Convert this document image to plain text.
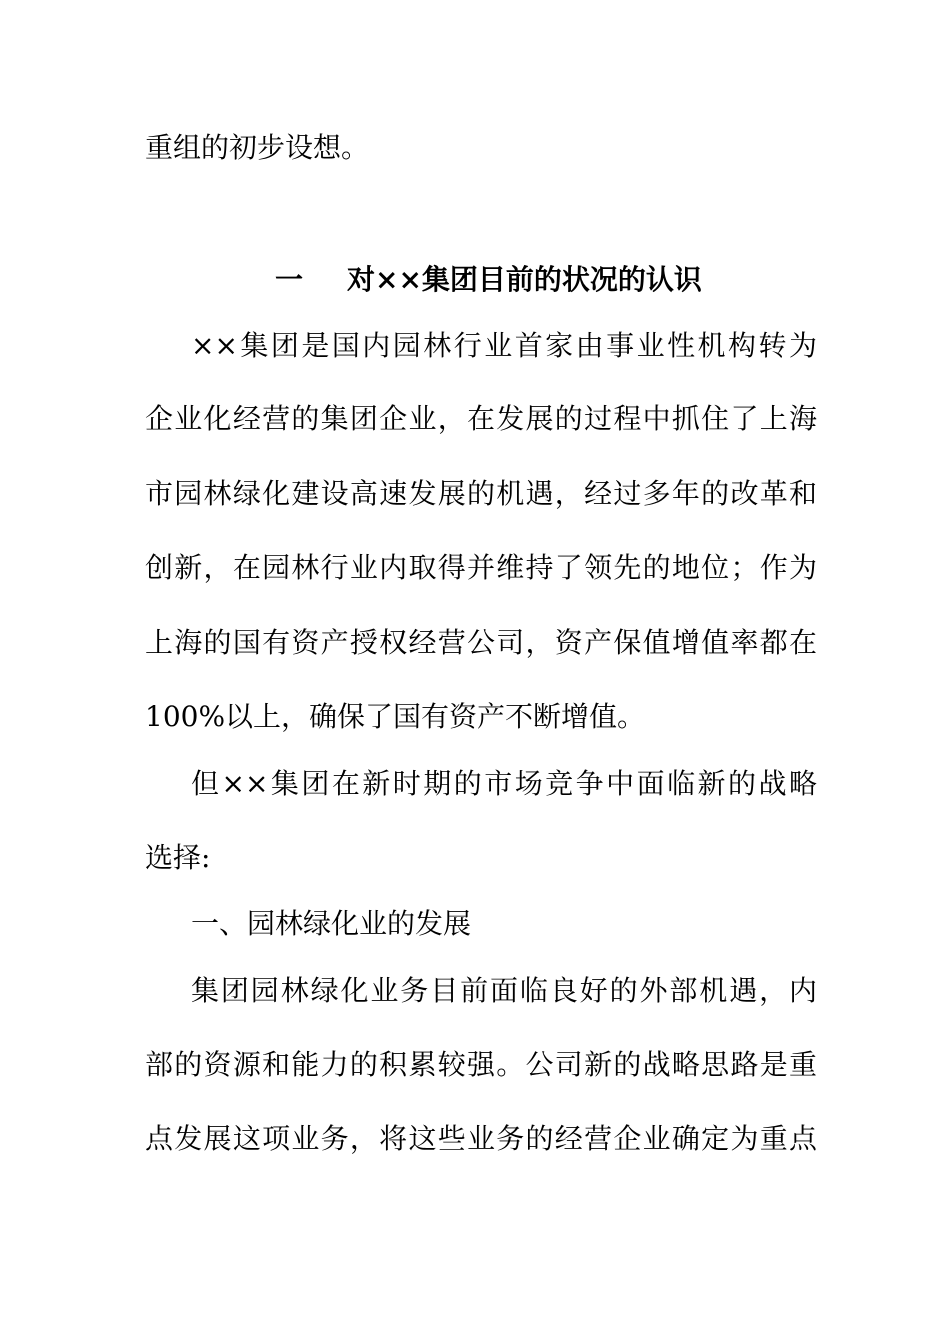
重组的初步设想。
一 对××集团目前的状况的认识
××集团是国内园林行业首家由事业性机构转为
企业化经营的集团企业，在发展的过程中抓住了上海
市园林绿化建设高速发展的机遇，经过多年的改革和
创新，在园林行业内取得并维持了领先的地位；作为
上海的国有资产授权经营公司，资产保值增值率都在
100%以上，确保了国有资产不断增值。
但××集团在新时期的市场竞争中面临新的战略
选择:
一、园林绿化业的发展
集团园林绿化业务目前面临良好的外部机遇，内
部的资源和能力的积累较强。公司新的战略思路是重
点发展这项业务，将这些业务的经营企业确定为重点
